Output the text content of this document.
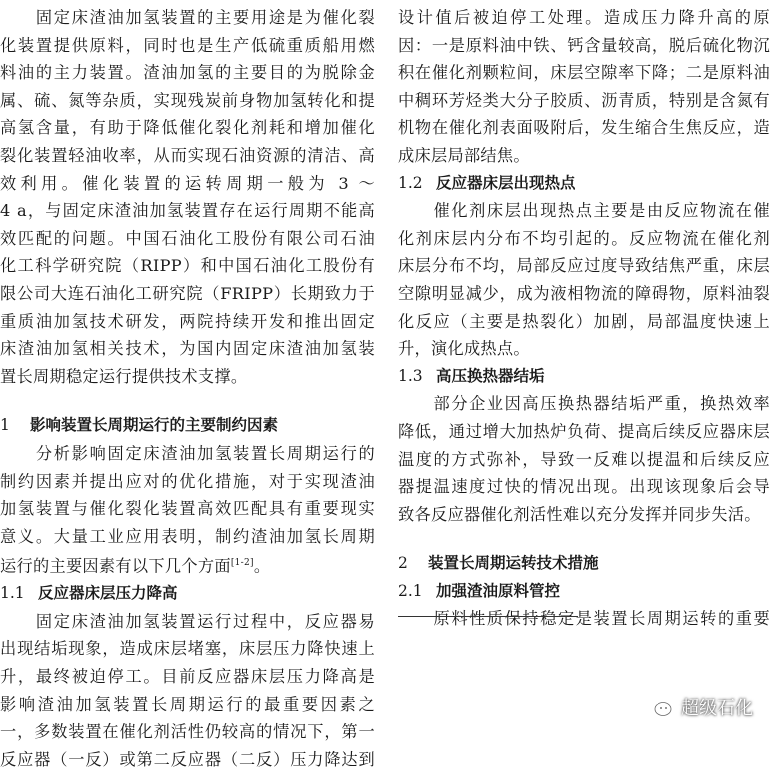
　　固定床渣油加氢装置的主要用途是为催化裂
化装置提供原料，同时也是生产低硫重质船用燃
料油的主力装置。渣油加氢的主要目的为脱除金
属、硫、氮等杂质，实现残炭前身物加氢转化和提
高氢含量，有助于降低催化裂化剂耗和增加催化
裂化装置轻油收率，从而实现石油资源的清洁、高
效利用。催化装置的运转周期一般为 3 ～
4 a，与固定床渣油加氢装置存在运行周期不能高
效匹配的问题。中国石油化工股份有限公司石油
化工科学研究院（RIPP）和中国石油化工股份有
限公司大连石油化工研究院（FRIPP）长期致力于
重质油加氢技术研发，两院持续开发和推出固定
床渣油加氢相关技术，为国内固定床渣油加氢装
置长周期稳定运行提供技术支撑。
1 影响装置长周期运行的主要制约因素
　　分析影响固定床渣油加氢装置长周期运行的
制约因素并提出应对的优化措施，对于实现渣油
加氢装置与催化裂化装置高效匹配具有重要现实
意义。大量工业应用表明，制约渣油加氢长周期
运行的主要因素有以下几个方面[1-2]。
1.1 反应器床层压力降高
　　固定床渣油加氢装置运行过程中，反应器易
出现结垢现象，造成床层堵塞，床层压力降快速上
升，最终被迫停工。目前反应器床层压力降高是
影响渣油加氢装置长周期运行的最重要因素之
一，多数装置在催化剂活性仍较高的情况下，第一
反应器（一反）或第二反应器（二反）压力降达到
设计值后被迫停工处理。造成压力降升高的原
因：一是原料油中铁、钙含量较高，脱后硫化物沉
积在催化剂颗粒间，床层空隙率下降；二是原料油
中稠环芳烃类大分子胶质、沥青质，特别是含氮有
机物在催化剂表面吸附后，发生缩合生焦反应，造
成床层局部结焦。
1.2 反应器床层出现热点
　　催化剂床层出现热点主要是由反应物流在催
化剂床层内分布不均引起的。反应物流在催化剂
床层分布不均，局部反应过度导致结焦严重，床层
空隙明显减少，成为液相物流的障碍物，原料油裂
化反应（主要是热裂化）加剧，局部温度快速上
升，演化成热点。
1.3 高压换热器结垢
　　部分企业因高压换热器结垢严重，换热效率
降低，通过增大加热炉负荷、提高后续反应器床层
温度的方式弥补，导致一反难以提温和后续反应
器提温速度过快的情况出现。出现该现象后会导
致各反应器催化剂活性难以充分发挥并同步失活。
2 装置长周期运转技术措施
2.1 加强渣油原料管控
　　原料性质保持稳定是装置长周期运转的重要
超级石化
